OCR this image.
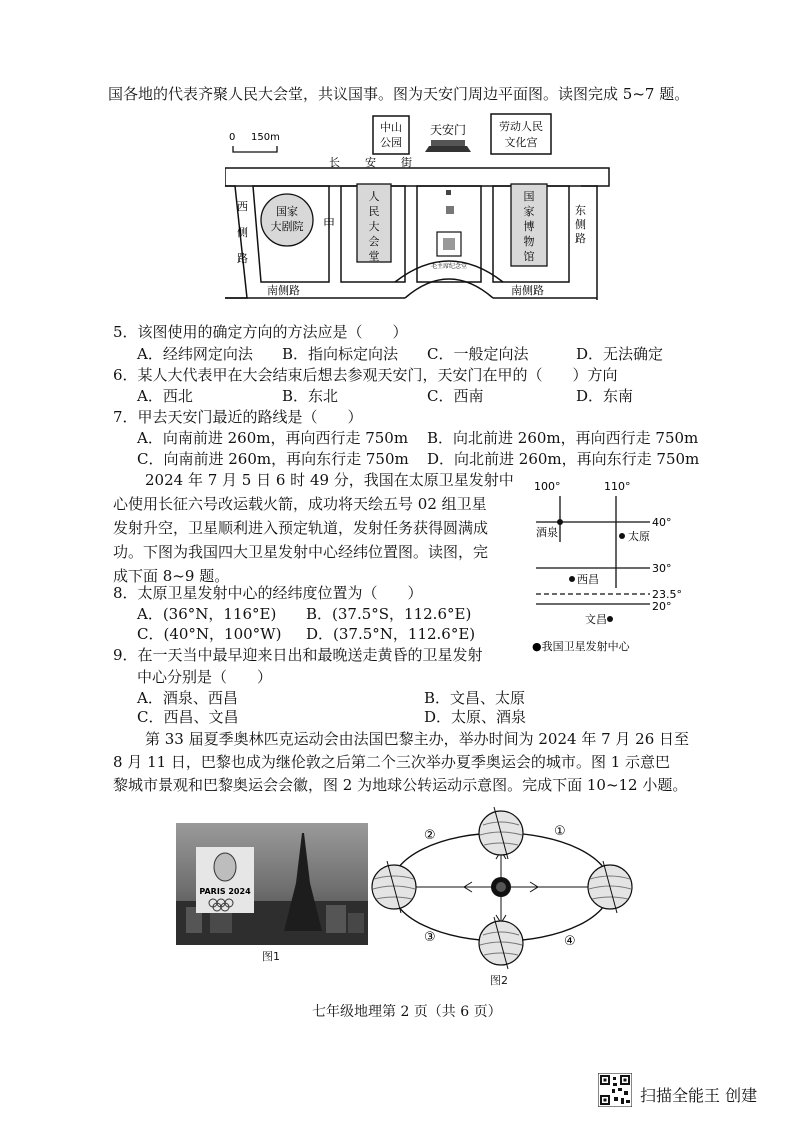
国各地的代表齐聚人民大会堂，共议国事。图为天安门周边平面图。读图完成 5~7 题。
0 150m
中山
公园
天安门	劳动人民
文化宫
长 安 街
西
侧
路
东
侧
路
国家
大剧院 甲
人
民
大
会
堂
国
家
博
物
馆
毛主席纪念堂
南侧路	南侧路
5．该图使用的确定方向的方法应是（　　）
A．经纬网定向法 B．指向标定向法 C．一般定向法	D．无法确定
6．某人大代表甲在大会结束后想去参观天安门，天安门在甲的（　　）方向
A．西北	B．东北	C．西南	D．东南
7．甲去天安门最近的路线是（　　）
A．向南前进 260m，再向西行走 750m B．向北前进 260m，再向西行走 750m
C．向南前进 260m，再向东行走 750m D．向北前进 260m，再向东行走 750m
2024 年 7 月 5 日 6 时 49 分，我国在太原卫星发射中
心使用长征六号改运载火箭，成功将天绘五号 02 组卫星
发射升空，卫星顺利进入预定轨道，发射任务获得圆满成
功。下图为我国四大卫星发射中心经纬位置图。读图，完
成下面 8~9 题。
100°	110°
40°
30°
23.5°
20°
酒泉	太原
西昌
文昌
●我国卫星发射中心
8．太原卫星发射中心的经纬度位置为（　　）
A．(36°N，116°E) B．(37.5°S，112.6°E)
C．(40°N，100°W) D．(37.5°N，112.6°E)
9．在一天当中最早迎来日出和最晚送走黄昏的卫星发射
中心分别是（　　）
A．酒泉、西昌	B．文昌、太原
C．西昌、文昌	D．太原、酒泉
第 33 届夏季奥林匹克运动会由法国巴黎主办，举办时间为 2024 年 7 月 26 日至
8 月 11 日，巴黎也成为继伦敦之后第二个三次举办夏季奥运会的城市。图 1 示意巴
黎城市景观和巴黎奥运会会徽，图 2 为地球公转运动示意图。完成下面 10~12 小题。
PARIS 2024
图1
②	①
③	④
图2
七年级地理第 2 页（共 6 页）
扫描全能王 创建
